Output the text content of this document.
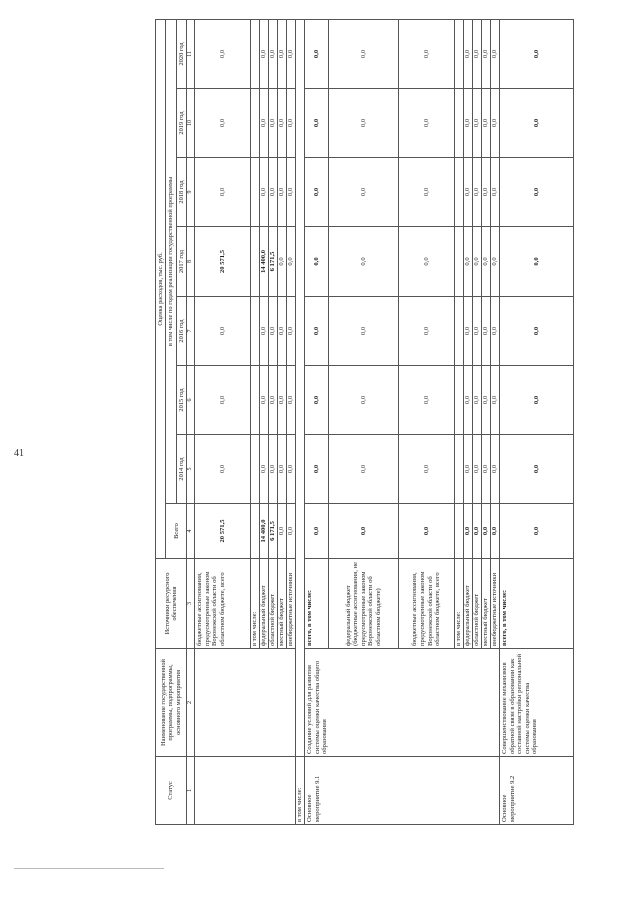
41
Статус	Наименование государственной программы, подпрограммы, основного мероприятия	Источники ресурсного обеспечения	Оценка расходов, тыс. руб.							
			Всего	в том числе по годам реализации государственной программы						
				2014 год	2015 год	2016 год	2017 год	2018 год	2019 год	2020 год
1	2	3	4	5	6	7	8	9	10	11
		бюджетные ассигнования, предусмотренные законом Воронежской области об областном бюджете, всего	20 571,5	0,0	0,0	0,0	20 571,5	0,0	0,0	0,0
		в том числе:								
		федеральный бюджет	14 400,0	0,0	0,0	0,0	14 400,0	0,0	0,0	0,0
		областной бюджет	6 171,5	0,0	0,0	0,0	6 171,5	0,0	0,0	0,0
		местный бюджет	0,0	0,0	0,0	0,0	0,0	0,0	0,0	0,0
		внебюджетные источники	0,0	0,0	0,0	0,0	0,0	0,0	0,0	0,0
в том числе:										
Основное мероприятие 9.1	Создание условий для развития системы оценки качества общего образования	всего, в том числе:	0,0	0,0	0,0	0,0	0,0	0,0	0,0	0,0
		федеральный бюджет (бюджетные ассигнования, не предусмотренные законом Воронежской области об областном бюджете)	0,0	0,0	0,0	0,0	0,0	0,0	0,0	0,0
		бюджетные ассигнования, предусмотренные законом Воронежской области об областном бюджете, всего	0,0	0,0	0,0	0,0	0,0	0,0	0,0	0,0
		в том числе:								
		федеральный бюджет	0,0	0,0	0,0	0,0	0,0	0,0	0,0	0,0
		областной бюджет	0,0	0,0	0,0	0,0	0,0	0,0	0,0	0,0
		местный бюджет	0,0	0,0	0,0	0,0	0,0	0,0	0,0	0,0
		внебюджетные источники	0,0	0,0	0,0	0,0	0,0	0,0	0,0	0,0
Основное мероприятие 9.2	Совершенствование механизмов обратной связи в образовании как составной настройки региональной системы оценки качества образования	всего, в том числе:	0,0	0,0	0,0	0,0	0,0	0,0	0,0	0,0
